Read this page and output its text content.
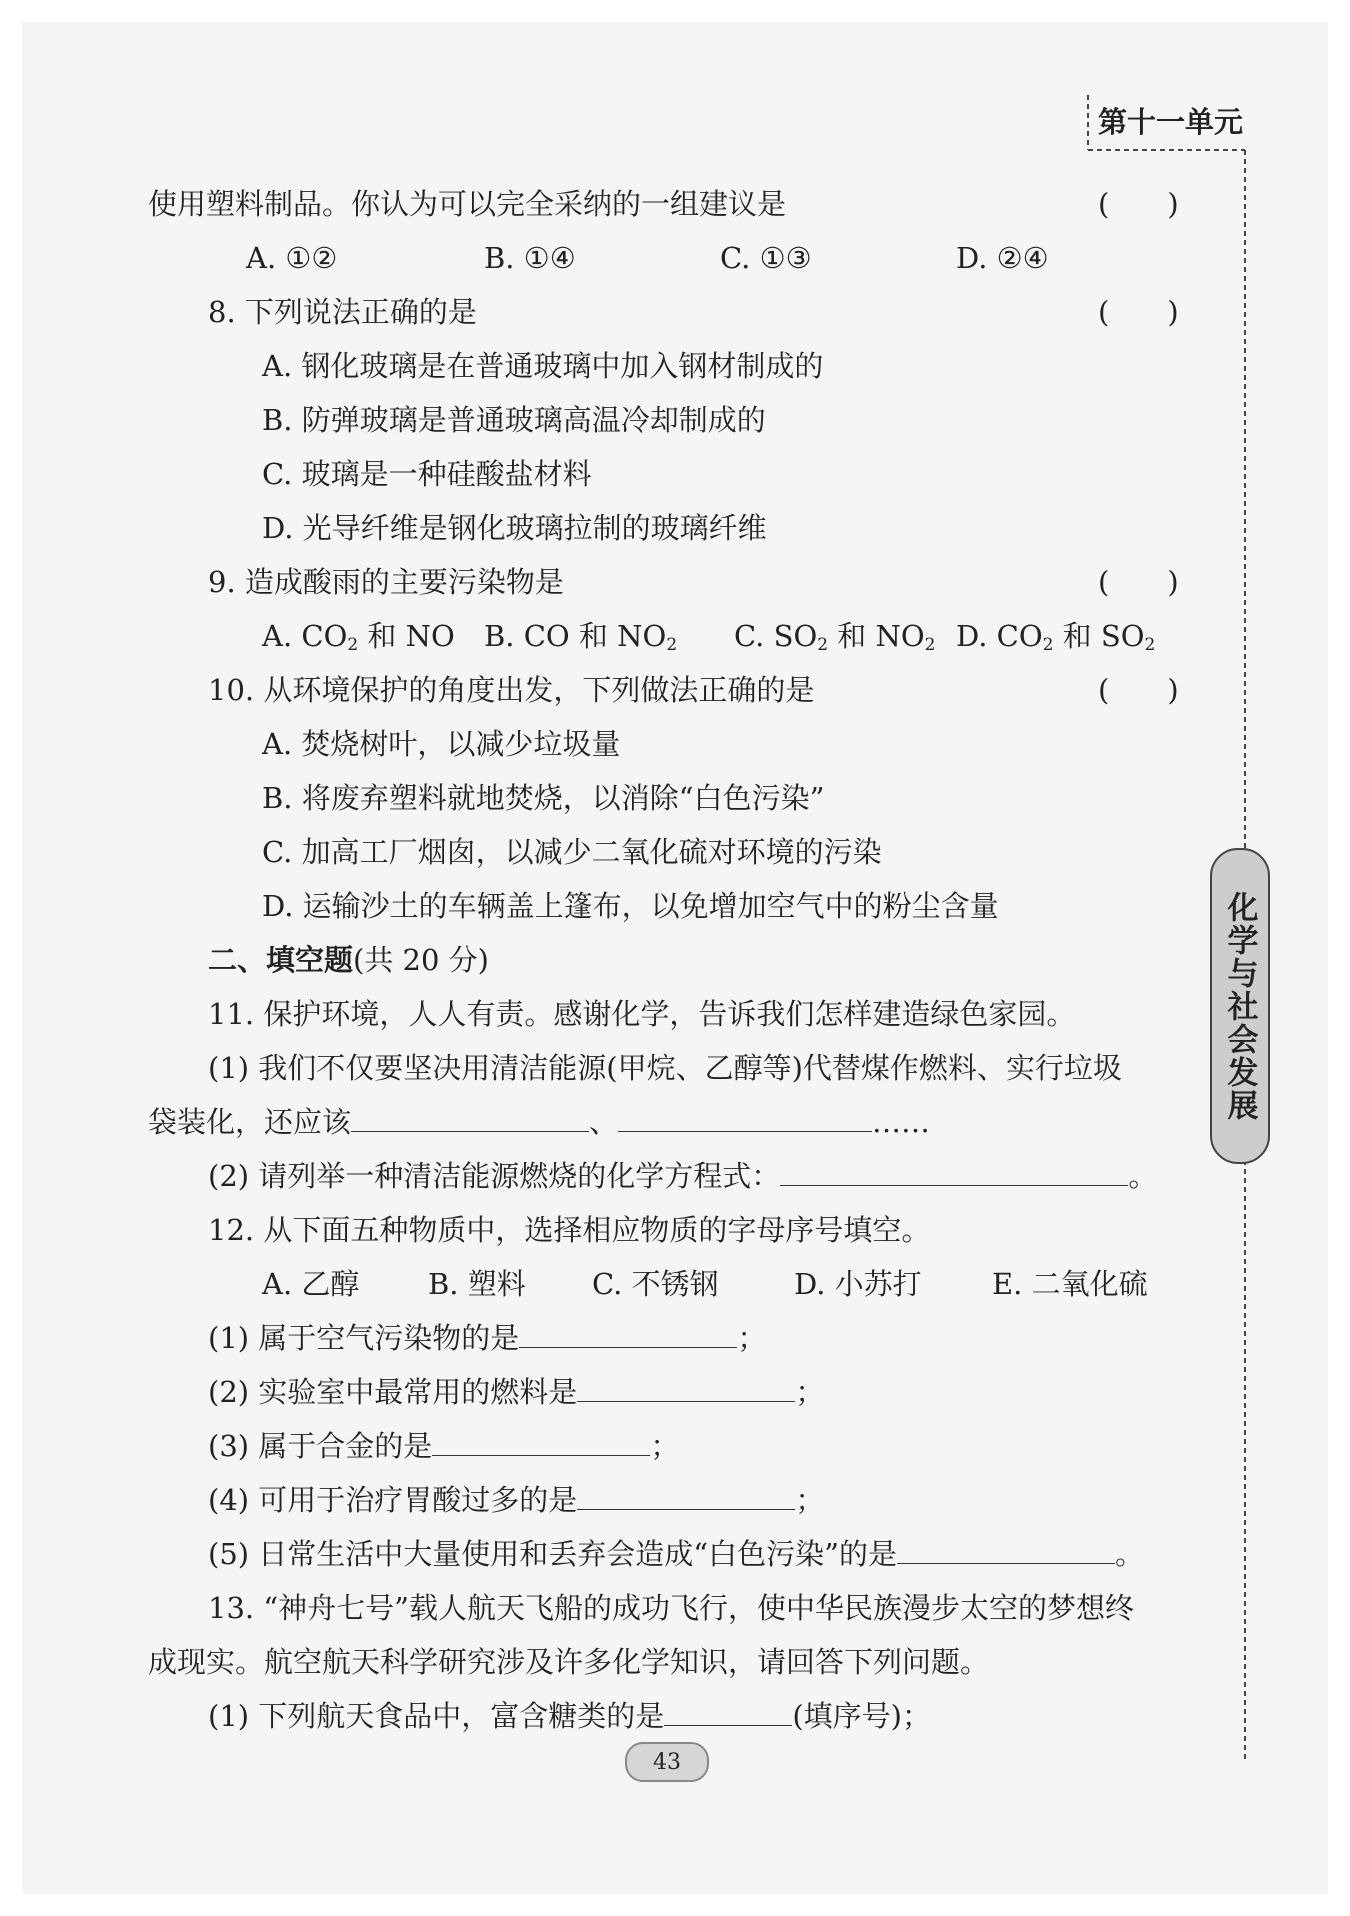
第十一单元
化学与社会发展
使用塑料制品。你认为可以完全采纳的一组建议是	(　　)
A. ①②	B. ①④	C. ①③	D. ②④
8. 下列说法正确的是	(　　)
A. 钢化玻璃是在普通玻璃中加入钢材制成的
B. 防弹玻璃是普通玻璃高温冷却制成的
C. 玻璃是一种硅酸盐材料
D. 光导纤维是钢化玻璃拉制的玻璃纤维
9. 造成酸雨的主要污染物是	(　　)
A. $CO_2$ 和 NO B. CO 和 $NO_2$ C. $SO_2$ 和 $NO_2$ D. $CO_2$ 和 $SO_2$
10. 从环境保护的角度出发，下列做法正确的是	(　　)
A. 焚烧树叶，以减少垃圾量
B. 将废弃塑料就地焚烧，以消除“白色污染”
C. 加高工厂烟囱，以减少二氧化硫对环境的污染
D. 运输沙土的车辆盖上篷布，以免增加空气中的粉尘含量
二、填空题(共 20 分)
11. 保护环境，人人有责。感谢化学，告诉我们怎样建造绿色家园。
(1) 我们不仅要坚决用清洁能源(甲烷、乙醇等)代替煤作燃料、实行垃圾
袋装化，还应该	、	……
(2) 请列举一种清洁能源燃烧的化学方程式：	。
12. 从下面五种物质中，选择相应物质的字母序号填空。
A. 乙醇 B. 塑料 C. 不锈钢	D. 小苏打 E. 二氧化硫
(1) 属于空气污染物的是	；
(2) 实验室中最常用的燃料是	；
(3) 属于合金的是	；
(4) 可用于治疗胃酸过多的是	；
(5) 日常生活中大量使用和丢弃会造成“白色污染”的是	。
13. “神舟七号”载人航天飞船的成功飞行，使中华民族漫步太空的梦想终
成现实。航空航天科学研究涉及许多化学知识，请回答下列问题。
(1) 下列航天食品中，富含糖类的是	(填序号)；
43
